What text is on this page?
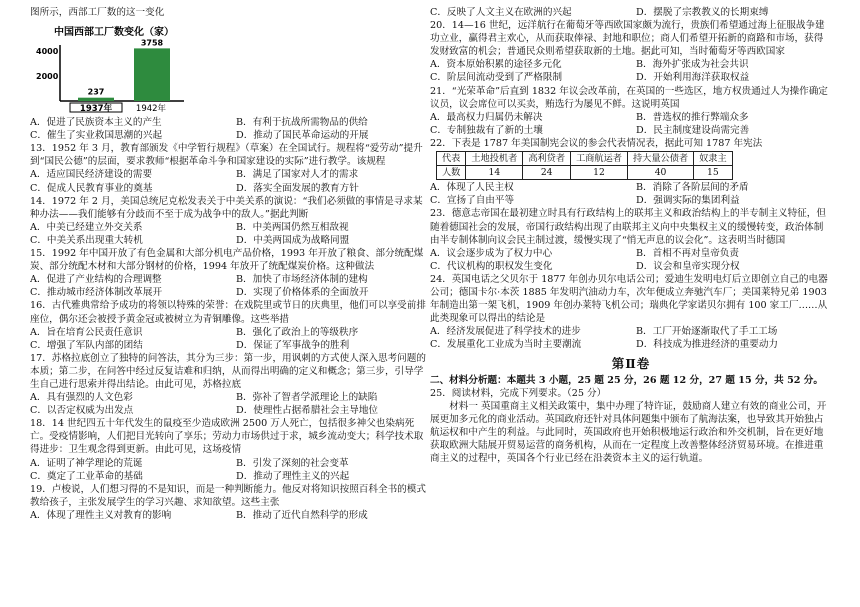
图所示，西部工厂数的这一变化

中国西部工厂数变化（家）
4000
2000
237
3758
1937年	1942年
A．促进了民族资本主义的产生	B．有利于抗战所需物品的供给
C．催生了实业救国思潮的兴起	D．推动了国民革命运动的开展

13．1952 年 3 月，教育部颁发《中学暂行规程》（草案）在全国试行。规程将“爱劳动”提升到“国民公德”的层面，要求教师“根据革命斗争和国家建设的实际”进行教学。该规程

A．适应国民经济建设的需要	B．满足了国家对人才的需求
C．促成人民教育事业的奠基	D．落实全面发展的教育方针

14．1972 年 2 月，美国总统尼克松发表关于中美关系的演说：“我们必须做的事情是寻求某种办法——我们能够有分歧而不至于成为战争中的敌人。”据此判断

A．中美已经建立外交关系	B．中美两国仍然互相敌视
C．中美关系出现重大转机	D．中美两国成为战略同盟

15．1992 年中国开放了有色金属和大部分机电产品价格，1993 年开放了粮食、部分统配煤炭、部分统配木材和大部分钢材的价格，1994 年放开了统配煤炭价格。这种做法

A．促进了产业结构的合理调整	B．加快了市场经济体制的建构
C．推动城市经济体制改革展开	D．实现了价格体系的全面放开

16．古代雅典常给予成功的将领以特殊的荣誉：在戏院里或节日的庆典里，他们可以享受前排座位，偶尔还会被授予黄金冠或被树立为青铜雕像。这些举措

A．旨在培育公民责任意识	B．强化了政治上的等级秩序
C．增强了军队内部的团结	D．保证了军事战争的胜利

17．苏格拉底创立了独特的问答法，其分为三步：第一步，用讽刺的方式使人深入思考问题的本质；第二步，在问答中经过反复诘难和归纳，从而得出明确的定义和概念；第三步，引导学生自己进行思索并得出结论。由此可见，苏格拉底

A．具有强烈的人文色彩	B．弥补了智者学派理论上的缺陷
C．以否定权威为出发点	D．使理性占据希腊社会主导地位

18．14 世纪四五十年代发生的鼠疫至少造成欧洲 2500 万人死亡，包括很多神父也染病死亡。受疫情影响，人们把目光转向了享乐；劳动力市场供过于求，城乡流动变大；科学技术取得进步：卫生观念得到更新。由此可见，这场疫情

A．证明了神学理论的荒诞	B．引发了深刻的社会变革
C．奠定了工业革命的基础	D．推动了理性主义的兴起

19．卢梭说，人们想习得的不是知识，而是一种判断能力。他反对将知识按照百科全书的模式教给孩子，主张发展学生的学习兴趣、求知欲望。这些主张

A．体现了理性主义对教育的影响	B．推动了近代自然科学的形成
C．反映了人文主义在欧洲的兴起	D．摆脱了宗教教义的长期束缚

20．14—16 世纪，远洋航行在葡萄牙等西欧国家颇为流行，贵族们希望通过海上征服战争建功立业，赢得君主欢心，从而获取俸禄、封地和职位；商人们希望开拓新的商路和市场，获得发财致富的机会；普通民众则希望获取新的土地。据此可知，当时葡萄牙等西欧国家

A．资本原始积累的途径多元化	B．海外扩张成为社会共识
C．阶层间流动受到了严格限制	D．开始利用海洋获取权益

21．“光荣革命”后直到 1832 年议会改革前，在英国的一些选区，地方权贵通过人为操作确定议员，议会席位可以买卖，贿选行为屡见不鲜。这说明英国

A．最高权力归属仍未解决	B．普选权的推行弊端众多
C．专制独裁有了新的土壤	D．民主制度建设尚需完善

22．下表是 1787 年美国制宪会议的参会代表情况表，据此可知 1787 年宪法

代表	土地投机者	高利贷者	工商航运者	持大量公债者	奴隶主
人数	14	24	12	40	15
A．体现了人民主权	B．消除了各阶层间的矛盾
C．宣扬了自由平等	D．强调实际的集团利益

23．德意志帝国在最初建立时具有行政结构上的联邦主义和政治结构上的半专制主义特征，但随着德国社会的发展，帝国行政结构出现了由联邦主义向中央集权主义的缓慢转变，政治体制由半专制体制向议会民主制过渡，缓慢实现了“悄无声息的议会化”。这表明当时德国

A．议会逐步成为了权力中心	B．首相不再对皇帝负责
C．代议机构的职权发生变化	D．议会和皇帝实现分权

24．英国电话之父贝尔于 1877 年创办贝尔电话公司；爱迪生发明电灯后立即创立自己的电器公司；德国卡尔·本茨 1885 年发明汽油动力车，次年便成立奔驰汽车厂；美国莱特兄弟 1903 年制造出第一架飞机，1909 年创办莱特飞机公司；瑞典化学家诺贝尔拥有 100 家工厂……从此类现象可以得出的结论是

A．经济发展促进了科学技术的进步	B．工厂开始逐渐取代了手工工场
C．发展重化工业成为当时主要潮流	D．科技成为推进经济的重要动力
第Ⅱ卷

二、材料分析题：本题共 3 小题，25 题 25 分，26 题 12 分，27 题 15 分，共 52 分。

25．阅读材料，完成下列要求。（25 分）

材料一 英国重商主义相关政策中，集中办理了特许证，鼓励商人建立有效的商业公司，开展更加多元化的商业活动。英国政府还针对具体问题集中颁布了航海法案，也导致其开始独占航运权和中产生的利益。与此同时，英国政府也开始积极地运行政治和外交机制，旨在更好地获取欧洲大陆展开贸易运营的商务机构，从而在一定程度上改善整体经济贸易环境。在推进重商主义的过程中，英国各个行业已经在沿袭资本主义的运行轨道。
